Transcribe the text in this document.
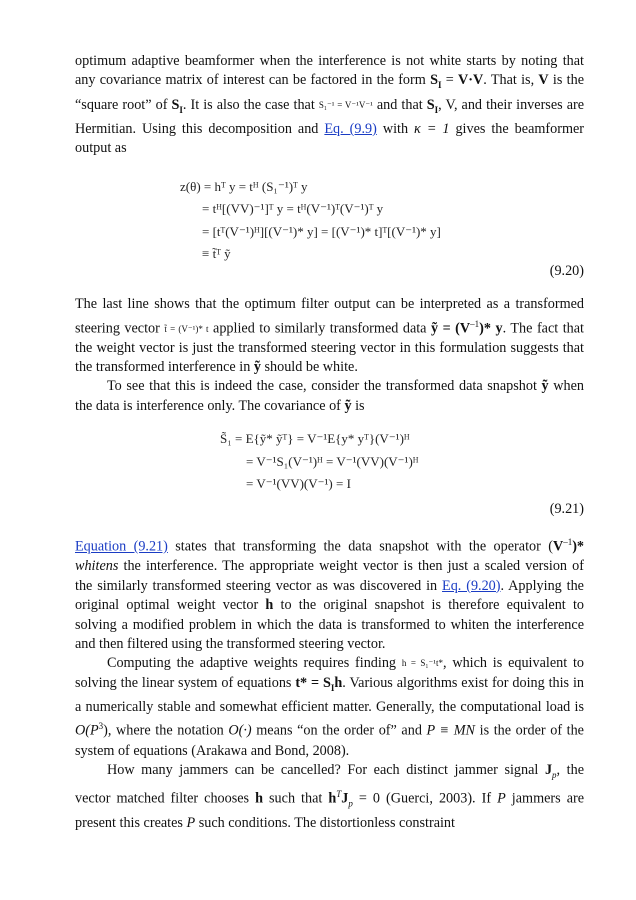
optimum adaptive beamformer when the interference is not white starts by noting that any covariance matrix of interest can be factored in the form $S_I = V\cdot V$. That is, V is the “square root” of $S_I$. It is also the case that S₁⁻¹ = V⁻¹V⁻¹ and that $S_I$, V, and their inverses are Hermitian. Using this decomposition and Eq. (9.9) with κ = 1 gives the beamformer output as

z(θ) = hᵀ y = tᴴ (S₁⁻¹)ᵀ y
= tᴴ[(VV)⁻¹]ᵀ y = tᴴ(V⁻¹)ᵀ(V⁻¹)ᵀ y
= [tᵀ(V⁻¹)ᴴ][(V⁻¹)* y] = [(V⁻¹)* t]ᵀ[(V⁻¹)* y]
≡ t̃ᵀ ỹ
(9.20)

The last line shows that the optimum filter output can be interpreted as a transformed steering vector t̃ = (V⁻¹)* t applied to similarly transformed data ỹ = $(V^{-1})*$ y. The fact that the weight vector is just the transformed steering vector in this formulation suggests that the transformed interference in ỹ should be white.

To see that this is indeed the case, consider the transformed data snapshot ỹ when the data is interference only. The covariance of ỹ is

S̃₁ = E{ỹ* ỹᵀ} = V⁻¹E{y* yᵀ}(V⁻¹)ᴴ
= V⁻¹S₁(V⁻¹)ᴴ = V⁻¹(VV)(V⁻¹)ᴴ
= V⁻¹(VV)(V⁻¹) = I
(9.21)

Equation (9.21) states that transforming the data snapshot with the operator $(V^{-1})*$ whitens the interference. The appropriate weight vector is then just a scaled version of the similarly transformed steering vector as was discovered in Eq. (9.20). Applying the original optimal weight vector h to the original snapshot is therefore equivalent to solving a modified problem in which the data is transformed to whiten the interference and then filtered using the transformed steering vector.

Computing the adaptive weights requires finding h = S₁⁻¹t*, which is equivalent to solving the linear system of equations $t* = S_Ih$. Various algorithms exist for doing this in a numerically stable and somewhat efficient matter. Generally, the computational load is $O(P^3)$, where the notation O(·) means “on the order of” and P ≡ MN is the order of the system of equations (Arakawa and Bond, 2008).

How many jammers can be cancelled? For each distinct jammer signal $J_p$, the vector matched filter chooses h such that $h^TJ_p = 0$ (Guerci, 2003). If P jammers are present this creates P such conditions. The distortionless constraint
